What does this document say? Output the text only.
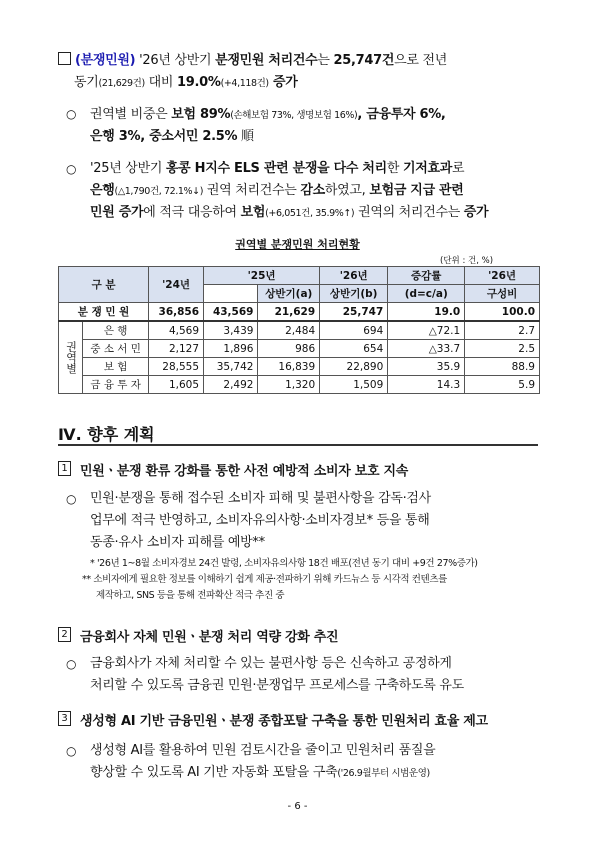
(분쟁민원) '26년 상반기 분쟁민원 처리건수는 25,747건으로 전년
동기(21,629건) 대비 19.0%(+4,118건) 증가
○ 권역별 비중은 보험 89%(손해보험 73%, 생명보험 16%), 금융투자 6%,
은행 3%, 중소서민 2.5% 順
○ '25년 상반기 홍콩 H지수 ELS 관련 분쟁을 다수 처리한 기저효과로
은행(△1,790건, 72.1%↓) 권역 처리건수는 감소하였고, 보험금 지급 관련
민원 증가에 적극 대응하여 보험(+6,051건, 35.9%↑) 권역의 처리건수는 증가
권역별 분쟁민원 처리현황
(단위 : 건, %)
구 분		'24년	'25년		'26년	증감률	'26년
				상반기(a)	상반기(b)	(d=c/a)	구성비
분 쟁 민 원		36,856	43,569	21,629	25,747	19.0	100.0
권역별	은 행	4,569	3,439	2,484	694	△72.1	2.7
	중 소 서 민	2,127	1,896	986	654	△33.7	2.5
	보 험	28,555	35,742	16,839	22,890	35.9	88.9
	금 융 투 자	1,605	2,492	1,320	1,509	14.3	5.9
Ⅳ. 향후 계획
1 민원ㆍ분쟁 환류 강화를 통한 사전 예방적 소비자 보호 지속
○ 민원·분쟁을 통해 접수된 소비자 피해 및 불편사항을 감독·검사
업무에 적극 반영하고, 소비자유의사항·소비자경보* 등을 통해
동종·유사 소비자 피해를 예방**
* '26년 1~8월 소비자경보 24건 발령, 소비자유의사항 18건 배포(전년 동기 대비 +9건 27%증가)
** 소비자에게 필요한 정보를 이해하기 쉽게 제공·전파하기 위해 카드뉴스 등 시각적 컨텐츠를
제작하고, SNS 등을 통해 전파확산 적극 추진 중
2 금융회사 자체 민원ㆍ분쟁 처리 역량 강화 추진
○ 금융회사가 자체 처리할 수 있는 불편사항 등은 신속하고 공정하게
처리할 수 있도록 금융권 민원·분쟁업무 프로세스를 구축하도록 유도
3 생성형 AI 기반 금융민원ㆍ분쟁 종합포탈 구축을 통한 민원처리 효율 제고
○ 생성형 AI를 활용하여 민원 검토시간을 줄이고 민원처리 품질을
향상할 수 있도록 AI 기반 자동화 포탈을 구축('26.9월부터 시범운영)
- 6 -
